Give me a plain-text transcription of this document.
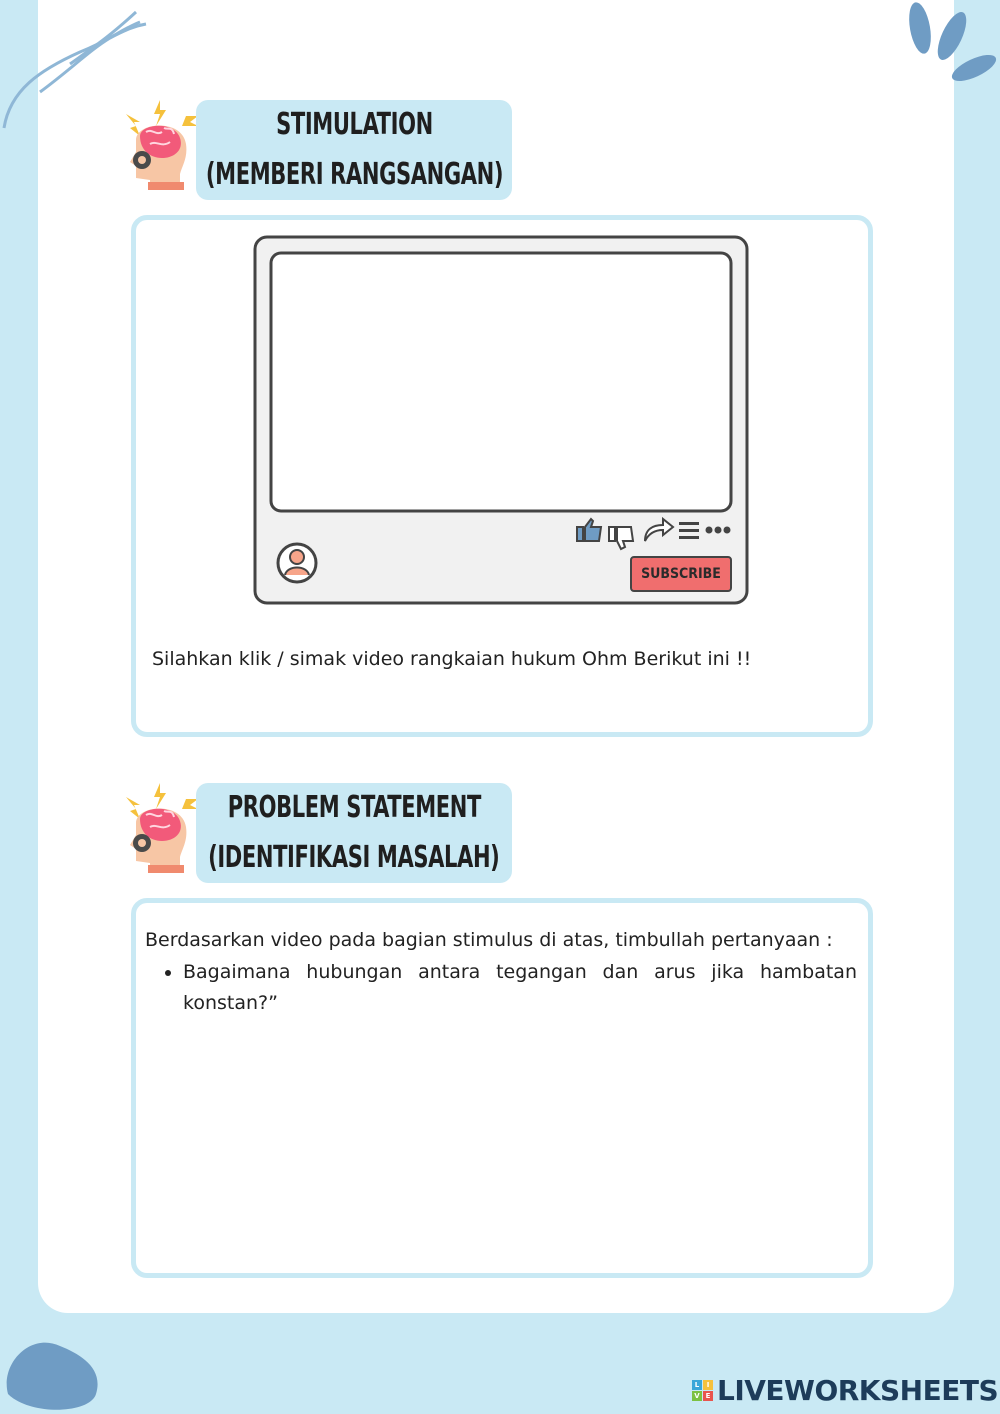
STIMULATION
(MEMBERI RANGSANGAN)
SUBSCRIBE
Silahkan klik / simak video rangkaian hukum Ohm Berikut ini !!
PROBLEM STATEMENT
(IDENTIFIKASI MASALAH)

Berdasarkan video pada bagian stimulus di atas, timbullah pertanyaan :

• Bagaimana hubungan antara tegangan dan arus jika hambatan konstan?”
L	I
V E LIVEWORKSHEETS
